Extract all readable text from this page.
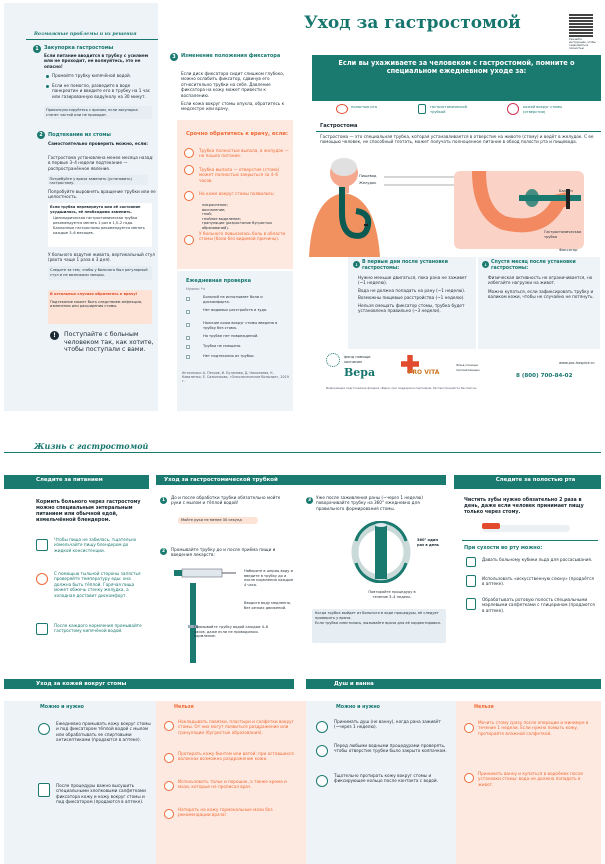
Возможные проблемы и их решения
1	Закупорка гастростомы
Если питание вводится в трубку с усилием или не проходит, не волнуйтесь, это не опасно!
Промойте трубку кипячёной водой.
Если не помогло, разведите в воде панкреатин и введите его в трубку на 1 час или газированную воду/колу на 30 минут.
Проконсультируйтесь с врачом, если закупорка станет частой или не проходит.
2	Подтекание из стомы
Самостоятельно проверить можно, если:
Гастростома установлена менее месяца назад: в первые 3–4 недели подтекание — распространённое явление.
Потребуйте у врача заменить (установить) гастростому.
Попробуйте выровнять вращение трубки или ее целостность.
Если трубка перевернута или её состояние ухудшилось, её необходимо заменить.
Цилиндрическая гастростомическая трубка рекомендуется менять 1 раз в 1,5–2 года.
Баллонные гастростомы рекомендуется менять каждые 3–6 месяцев.
У больного вздутие живота, вертикальный стул (рвота чаще 1 раза в 3 дня).
Следите за тем, чтобы у больного был регулярный стул и не возникали запоры.
В остальных случаях обратитесь к врачу!
Подтекание может быть следствием инфекции, изменения или расширения стомы.
!	Поступайте с больным человеком так, как хотите, чтобы поступали с вами.
3	Изменение положения фиксатора
Если диск фиксатора сидит слишком глубоко, можно ослабить фиксатор, сдвинув его относительно трубки на себя. Давление фиксатора на кожу может привести к воспалению.
Если кожа вокруг стомы опухла, обратитесь к медсестре или врачу.
Срочно обратитесь к врачу, если:
Трубка полностью выпала, в желудок — не пошло питание.
Трубка выпала — отверстие (стома) может полностью закрыться за 4–6 часов.
На коже вокруг стомы появились:
покраснение;
воспаление;
гной;
гнойное выделение;
грануляции (разрастание бугристых образований).
У больного повысилась боль в области стомы (боли без видимой причины).
Ежедневная проверка
Нужно: *ч
Больной не испытывает боли и дискомфорта.
Нет видимых расстройств и зуда.
Наличие кожи вокруг стомы введена в трубку без стома.
На трубке нет повреждений.
Трубка не смещена.
Нет подтекания из трубки.
Источники: А. Петров, И. Буланова, Д. Николаева, К. Коваленко, Е. Сальникова, «Онкологические больные», 2019 г.
Уход за гастростомой
Скачайте инструкцию, чтобы ознакомиться полностью
Если вы ухаживаете за человеком с гастростомой, помните о специальном ежедневном уходе за:
полостью рта	гастростомической трубкой
кожей вокруг стомы (отверстия)
Гастростома
Гастростома — это специальная трубка, которая устанавливается в отверстие на животе (стому) и ведёт в желудок. С ее помощью человек, не способный глотать, может получать полноценное питание в обход полости рта и пищевода.
Пищевод
Желудок
Баллон
Гастростомическая трубка
Фиксатор
↓ В первые дни после установки гастростомы:
Нужно меньше двигаться, пока рана не заживет (~1 неделю).
Вода не должна попадать на рану (~1 неделю).
Возможны пищевые расстройства (~1 неделю).
Нельзя смещать фиксатор стомы, трубка будет установлена правильно (~3 недели).
↓ Спустя месяц после установки гастростомы:
Физическая активность не ограничивается, но избегайте нагрузки на живот.
Можно купаться, если зафиксировать трубку и валиком кожи, чтобы не случайно не потянуть.
фонд помощи хосписам
Вера	PRO VITA
Фонд помощи паллиативным
8 (800) 700-84-02
www.pro-hospice.ru
Информация подготовлена фондом «Вера» при поддержке партнёров. Распространяется бесплатно.
Жизнь с гастростомой
Следите за питанием
Кормить больного через гастростому можно специальным энтеральным питанием или обычной едой, измельчённой блендером.
Чтобы пища не забилась, тщательно измельчайте пищу блендером до жидкой консистенции.
С помощью тыльной стороны запястья проверяйте температуру еды: она должна быть тёплой. Горячая пища может обжечь стенку желудка, а холодная доставит дискомфорт.
После каждого кормления промывайте гастростому кипячёной водой.
Уход за гастростомической трубкой
1
До и после обработки трубки обязательно мойте руки с мылом и тёплой водой!
Мойте руки не менее 30 секунд
2	Промывайте трубку до и после приёма пищи и введения лекарств:
Наберите в шприц воду и введите в трубку до и после кормления каждые 4 часа.
Вводите воду медленно, без резких движений.
Промывайте трубку водой каждые 4–6 часов, даже если не проводилось кормление.
3
Уже после заживления раны (~через 1 неделю) поворачивайте трубку на 360° ежедневно для правильного формирования стомы.
360° один раз в день
Повторяйте процедуру в течение 3–4 недель.
Когда трубка выйдет из больного в ходе процедуры, её следует проверить у врача.
Если трубка сместилась, вызывайте врача для её корректировки.
Следите за полостью рта
Чистить зубы нужно обязательно 2 раза в день, даже если человек принимает пищу только через стому.
При сухости во рту можно:
Давать больному кубики льда для рассасывания.
Использовать «искусственную слюну» (продаётся в аптеке).
Обрабатывать ротовую полость специальными марлевыми салфетками с глицерином (продаются в аптеке).
Уход за кожей вокруг стомы
Можно и нужно
Ежедневно промывать кожу вокруг стомы и под фиксатором тёплой водой с мылом или обрабатывать ее спиртовыми антисептиками (продаются в аптеке).
После процедуры важно высушить специальными хлопковыми салфетками фиксатора кожу и кожу вокруг стомы и под фиксатором (продаются в аптеке).
Нельзя
Накладывать повязки, пластыри и салфетки вокруг стомы. От них могут появиться раздражение или грануляции (бугристые образования).
Протирать кожу бинтом или ватой: при оставшихся волокнах возможно раздражение кожи.
Использовать тальк и порошок, а также крема и мази, которые не прописал врач.
Натирать на кожу гормональные мази без рекомендации врача!
Душ и ванна
Можно и нужно
Принимать душ (не ванну), когда рана заживёт (~через 1 неделю).
Перед любыми водными процедурами проверять, чтобы отверстие трубки было закрыто колпачком.
Тщательно протирать кожу вокруг стомы и фиксирующее кольцо после контакта с водой.
Нельзя
Мочить стому сразу после операции и минимум в течение 1 недели. Если нужно помыть кожу, протирайте влажной салфеткой.
Принимать ванну и купаться в водоёмах после установки стомы: вода не должна попадать в живот.
